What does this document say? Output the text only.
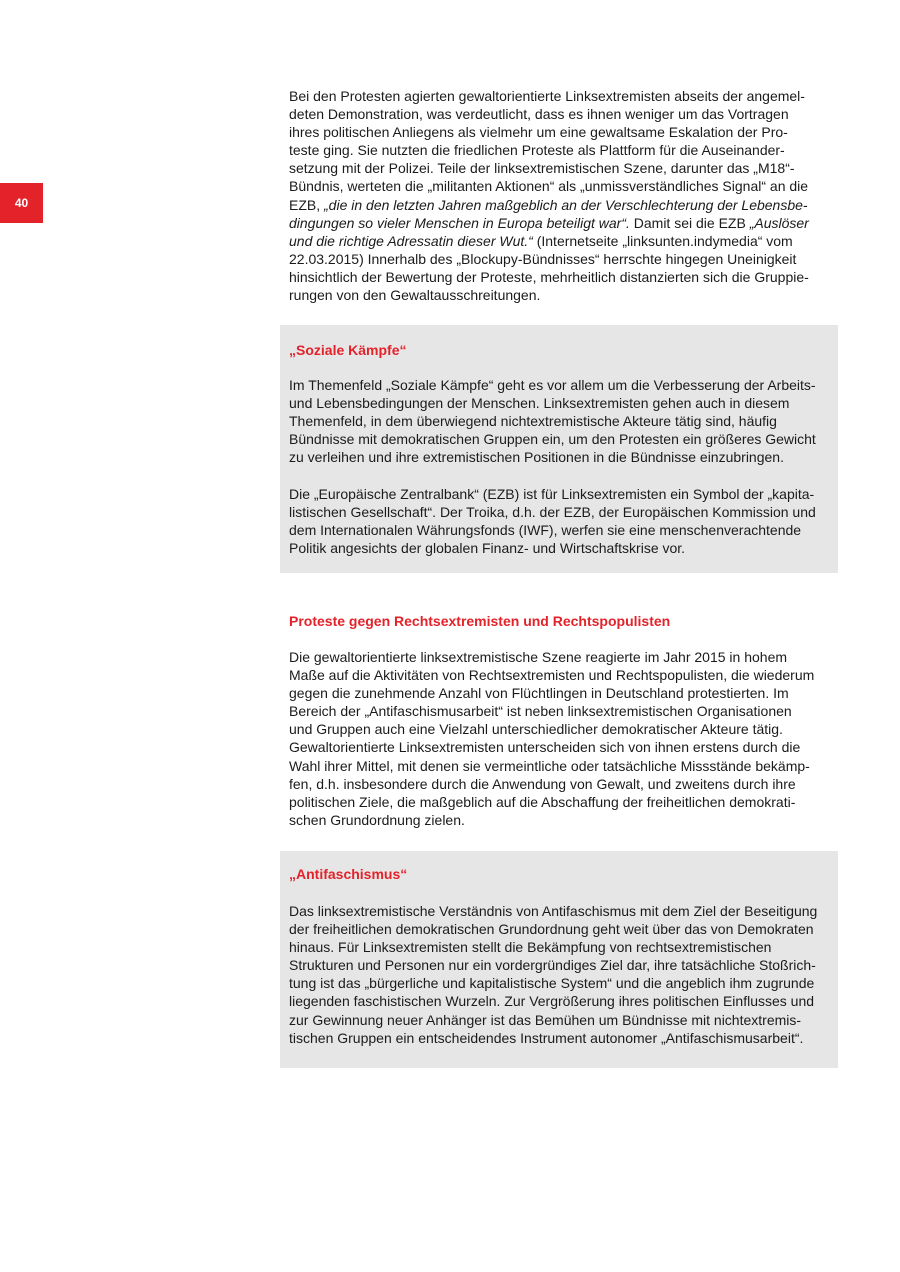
40
Bei den Protesten agierten gewaltorientierte Linksextremisten abseits der angemel-
deten Demonstration, was verdeutlicht, dass es ihnen weniger um das Vortragen
ihres politischen Anliegens als vielmehr um eine gewaltsame Eskalation der Pro-
teste ging. Sie nutzten die friedlichen Proteste als Plattform für die Auseinander-
setzung mit der Polizei. Teile der linksextremistischen Szene, darunter das „M18“-
Bündnis, werteten die „militanten Aktionen“ als „unmissverständliches Signal“ an die
EZB, „die in den letzten Jahren maßgeblich an der Verschlechterung der Lebensbe-
dingungen so vieler Menschen in Europa beteiligt war“. Damit sei die EZB „Auslöser
und die richtige Adressatin dieser Wut.“ (Internetseite „linksunten.indymedia“ vom
22.03.2015) Innerhalb des „Blockupy-Bündnisses“ herrschte hingegen Uneinigkeit
hinsichtlich der Bewertung der Proteste, mehrheitlich distanzierten sich die Gruppie-
rungen von den Gewaltausschreitungen.
„Soziale Kämpfe“
Im Themenfeld „Soziale Kämpfe“ geht es vor allem um die Verbesserung der Arbeits-
und Lebensbedingungen der Menschen. Linksextremisten gehen auch in diesem
Themenfeld, in dem überwiegend nichtextremistische Akteure tätig sind, häufig
Bündnisse mit demokratischen Gruppen ein, um den Protesten ein größeres Gewicht
zu verleihen und ihre extremistischen Positionen in die Bündnisse einzubringen.
Die „Europäische Zentralbank“ (EZB) ist für Linksextremisten ein Symbol der „kapita-
listischen Gesellschaft“. Der Troika, d.h. der EZB, der Europäischen Kommission und
dem Internationalen Währungsfonds (IWF), werfen sie eine menschenverachtende
Politik angesichts der globalen Finanz- und Wirtschaftskrise vor.
Proteste gegen Rechtsextremisten und Rechtspopulisten
Die gewaltorientierte linksextremistische Szene reagierte im Jahr 2015 in hohem
Maße auf die Aktivitäten von Rechtsextremisten und Rechtspopulisten, die wiederum
gegen die zunehmende Anzahl von Flüchtlingen in Deutschland protestierten. Im
Bereich der „Antifaschismusarbeit“ ist neben linksextremistischen Organisationen
und Gruppen auch eine Vielzahl unterschiedlicher demokratischer Akteure tätig.
Gewaltorientierte Linksextremisten unterscheiden sich von ihnen erstens durch die
Wahl ihrer Mittel, mit denen sie vermeintliche oder tatsächliche Missstände bekämp-
fen, d.h. insbesondere durch die Anwendung von Gewalt, und zweitens durch ihre
politischen Ziele, die maßgeblich auf die Abschaffung der freiheitlichen demokrati-
schen Grundordnung zielen.
„Antifaschismus“
Das linksextremistische Verständnis von Antifaschismus mit dem Ziel der Beseitigung
der freiheitlichen demokratischen Grundordnung geht weit über das von Demokraten
hinaus. Für Linksextremisten stellt die Bekämpfung von rechtsextremistischen
Strukturen und Personen nur ein vordergründiges Ziel dar, ihre tatsächliche Stoßrich-
tung ist das „bürgerliche und kapitalistische System“ und die angeblich ihm zugrunde
liegenden faschistischen Wurzeln. Zur Vergrößerung ihres politischen Einflusses und
zur Gewinnung neuer Anhänger ist das Bemühen um Bündnisse mit nichtextremis-
tischen Gruppen ein entscheidendes Instrument autonomer „Antifaschismusarbeit“.
